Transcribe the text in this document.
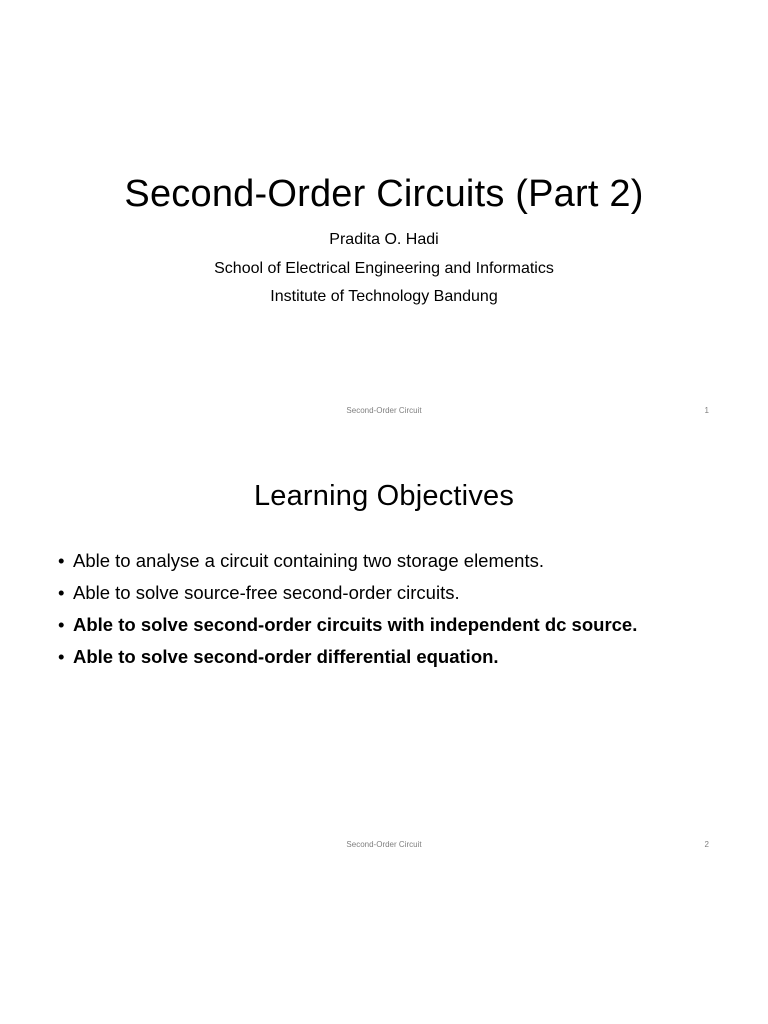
Second-Order Circuits (Part 2)
Pradita O. Hadi
School of Electrical Engineering and Informatics
Institute of Technology Bandung
Second-Order Circuit	1
Learning Objectives
• Able to analyse a circuit containing two storage elements.
• Able to solve source-free second-order circuits.
• Able to solve second-order circuits with independent dc source.
• Able to solve second-order differential equation.
Second-Order Circuit	2
